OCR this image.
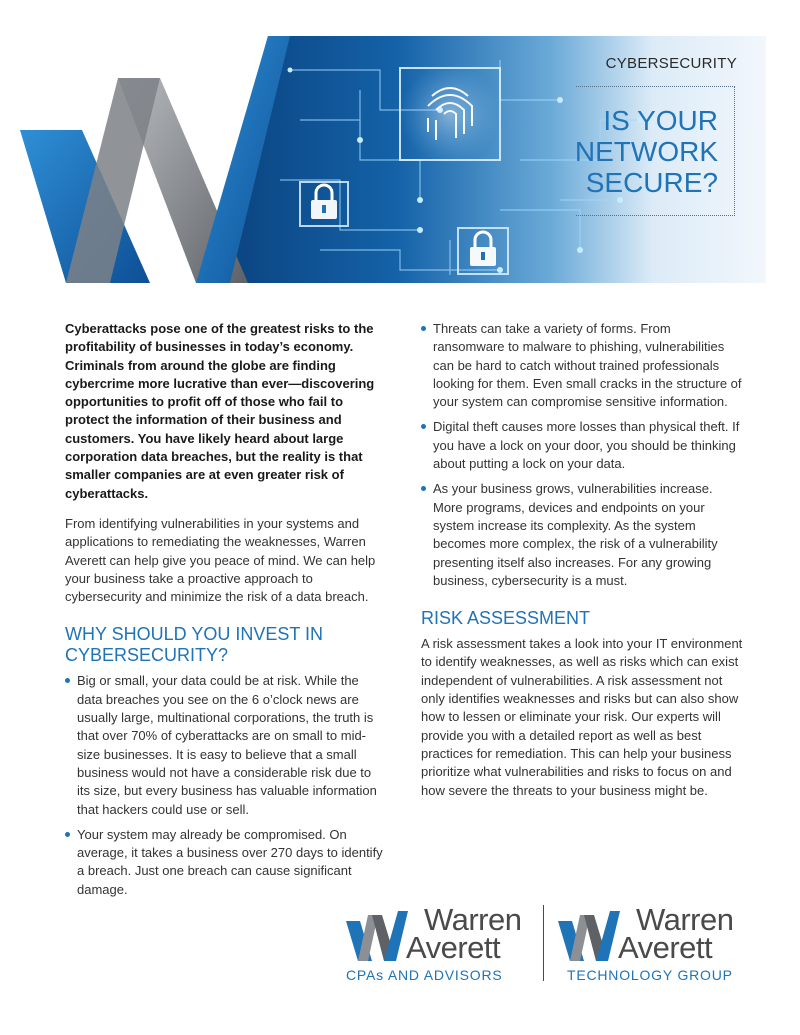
CYBERSECURITY
IS YOUR
NETWORK
SECURE?

Cyberattacks pose one of the greatest risks to the profitability of businesses in today’s economy. Criminals from around the globe are finding cybercrime more lucrative than ever—discovering opportunities to profit off of those who fail to protect the information of their business and customers. You have likely heard about large corporation data breaches, but the reality is that smaller companies are at even greater risk of cyberattacks.

From identifying vulnerabilities in your systems and applications to remediating the weaknesses, Warren Averett can help give you peace of mind. We can help your business take a proactive approach to cybersecurity and minimize the risk of a data breach.

WHY SHOULD YOU INVEST IN CYBERSECURITY?
Big or small, your data could be at risk. While the data breaches you see on the 6 o’clock news are usually large, multinational corporations, the truth is that over 70% of cyberattacks are on small to mid-size businesses. It is easy to believe that a small business would not have a considerable risk due to its size, but every business has valuable information that hackers could use or sell.
Your system may already be compromised. On average, it takes a business over 270 days to identify a breach. Just one breach can cause significant damage.
Threats can take a variety of forms. From ransomware to malware to phishing, vulnerabilities can be hard to catch without trained professionals looking for them. Even small cracks in the structure of your system can compromise sensitive information.
Digital theft causes more losses than physical theft. If you have a lock on your door, you should be thinking about putting a lock on your data.
As your business grows, vulnerabilities increase. More programs, devices and endpoints on your system increase its complexity. As the system becomes more complex, the risk of a vulnerability presenting itself also increases. For any growing business, cybersecurity is a must.
RISK ASSESSMENT

A risk assessment takes a look into your IT environment to identify weaknesses, as well as risks which can exist independent of vulnerabilities. A risk assessment not only identifies weaknesses and risks but can also show how to lessen or eliminate your risk. Our experts will provide you with a detailed report as well as best practices for remediation. This can help your business prioritize what vulnerabilities and risks to focus on and how severe the threats to your business might be.

Warren
Averett
CPAs AND ADVISORS
Warren
Averett
TECHNOLOGY GROUP
